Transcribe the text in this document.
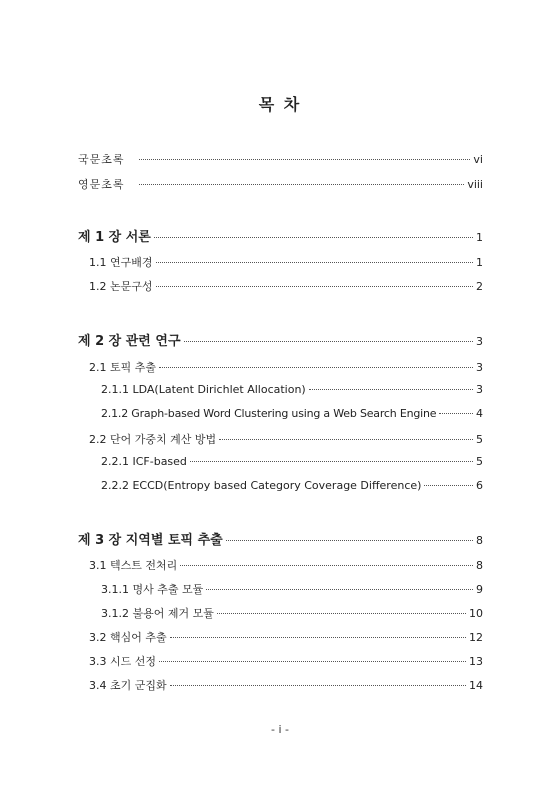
목 차
국문초록	vi
영문초록	viii
제 1 장 서론	1
1.1 연구배경	1
1.2 논문구성	2
제 2 장 관련 연구	3
2.1 토픽 추출	3
2.1.1 LDA(Latent Dirichlet Allocation)	3
2.1.2 Graph-based Word Clustering using a Web Search Engine	4
2.2 단어 가중치 계산 방법	5
2.2.1 ICF-based	5
2.2.2 ECCD(Entropy based Category Coverage Difference)	6
제 3 장 지역별 토픽 추출	8
3.1 텍스트 전처리	8
3.1.1 명사 추출 모듈	9
3.1.2 불용어 제거 모듈	10
3.2 핵심어 추출	12
3.3 시드 선정	13
3.4 초기 군집화	14
- i -
